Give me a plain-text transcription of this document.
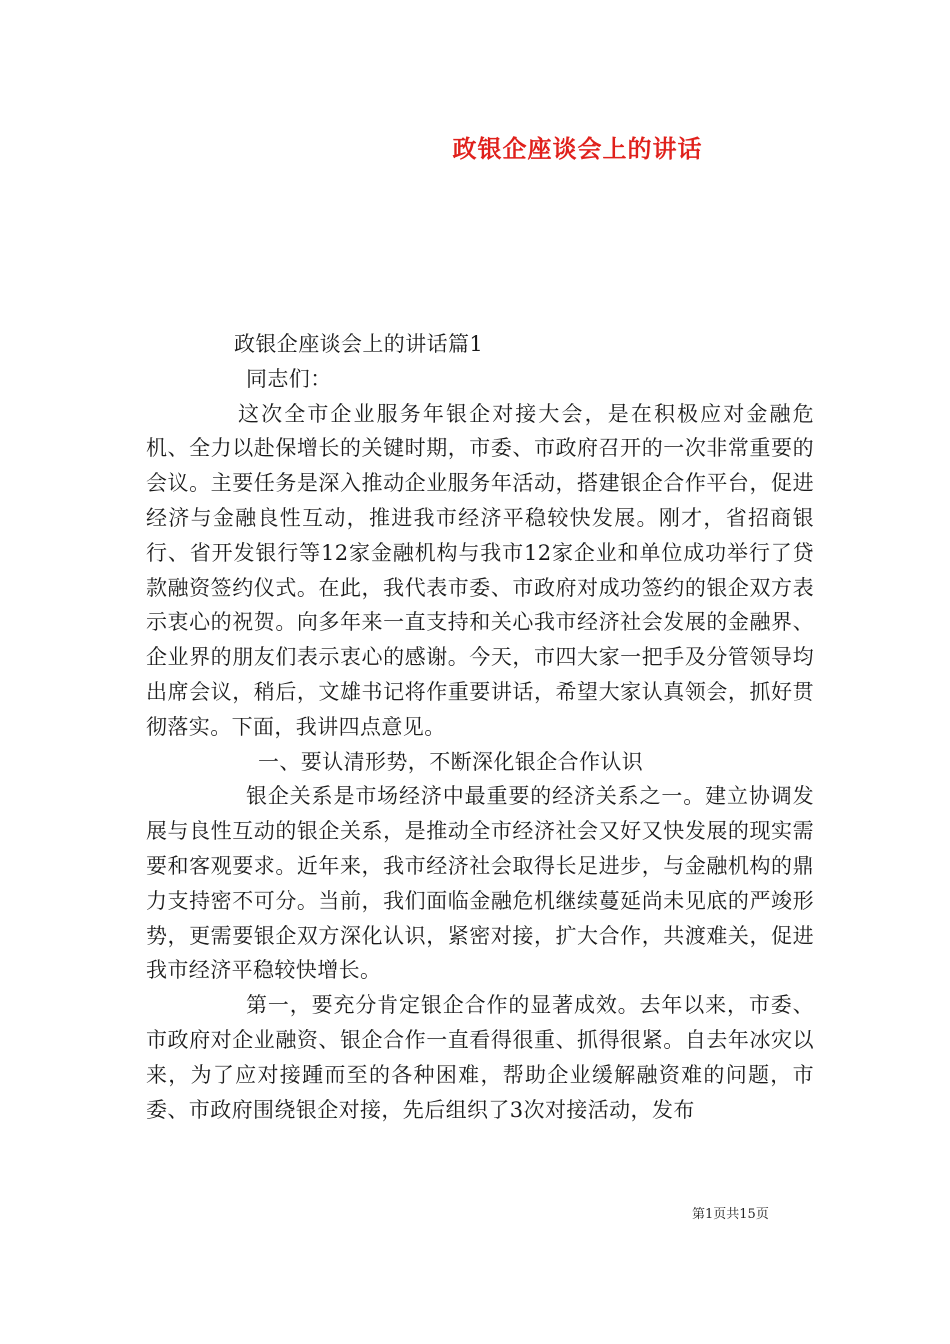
政银企座谈会上的讲话

政银企座谈会上的讲话篇1

同志们：

这次全市企业服务年银企对接大会，是在积极应对金融危机、全力以赴保增长的关键时期，市委、市政府召开的一次非常重要的会议。主要任务是深入推动企业服务年活动，搭建银企合作平台，促进经济与金融良性互动，推进我市经济平稳较快发展。刚才，省招商银行、省开发银行等12家金融机构与我市12家企业和单位成功举行了贷款融资签约仪式。在此，我代表市委、市政府对成功签约的银企双方表示衷心的祝贺。向多年来一直支持和关心我市经济社会发展的金融界、企业界的朋友们表示衷心的感谢。今天，市四大家一把手及分管领导均出席会议，稍后，文雄书记将作重要讲话，希望大家认真领会，抓好贯彻落实。下面，我讲四点意见。

一、要认清形势，不断深化银企合作认识

银企关系是市场经济中最重要的经济关系之一。建立协调发展与良性互动的银企关系，是推动全市经济社会又好又快发展的现实需要和客观要求。近年来，我市经济社会取得长足进步，与金融机构的鼎力支持密不可分。当前，我们面临金融危机继续蔓延尚未见底的严竣形势，更需要银企双方深化认识，紧密对接，扩大合作，共渡难关，促进我市经济平稳较快增长。

第一，要充分肯定银企合作的显著成效。去年以来，市委、市政府对企业融资、银企合作一直看得很重、抓得很紧。自去年冰灾以来，为了应对接踵而至的各种困难，帮助企业缓解融资难的问题，市委、市政府围绕银企对接，先后组织了3次对接活动，发布

第1页共15页
